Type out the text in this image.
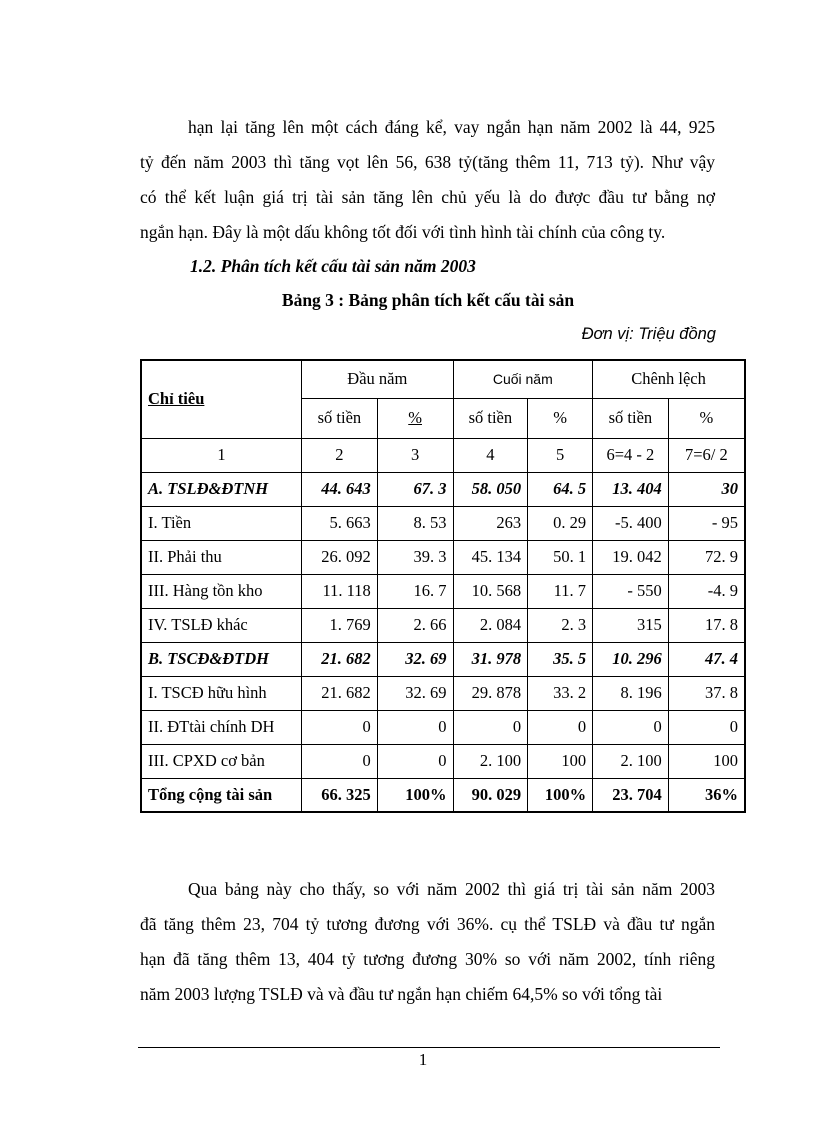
hạn lại tăng lên một cách đáng kể, vay ngắn hạn năm 2002 là 44, 925
tỷ đến năm 2003 thì tăng vọt lên 56, 638 tỷ(tăng thêm 11, 713 tỷ). Như vậy
có thể kết luận giá trị tài sản tăng lên chủ yếu là do được đầu tư bằng nợ
ngắn hạn. Đây là một dấu không tốt đối với tình hình tài chính của công ty.

1.2. Phân tích kết cấu tài sản năm 2003

Bảng 3 : Bảng phân tích kết cấu tài sản

Đơn vị: Triệu đồng

Chỉ tiêu	Đầu năm		Cuối năm		Chênh lệch	
	số tiền	%	số tiền	%	số tiền	%
1	2	3	4	5	6=4 - 2	7=6/ 2
A. TSLĐ&ĐTNH	44. 643	67. 3	58. 050	64. 5	13. 404	30
I. Tiền	5. 663	8. 53	263	0. 29	-5. 400	- 95
II. Phải thu	26. 092	39. 3	45. 134	50. 1	19. 042	72. 9
III. Hàng tồn kho	11. 118	16. 7	10. 568	11. 7	- 550	-4. 9
IV. TSLĐ khác	1. 769	2. 66	2. 084	2. 3	315	17. 8
B. TSCĐ&ĐTDH	21. 682	32. 69	31. 978	35. 5	10. 296	47. 4
I. TSCĐ hữu hình	21. 682	32. 69	29. 878	33. 2	8. 196	37. 8
II. ĐTtài chính DH	0	0	0	0	0	0
III. CPXD cơ bản	0	0	2. 100	100	2. 100	100
Tổng cộng tài sản	66. 325	100%	90. 029	100%	23. 704	36%
Qua bảng này cho thấy, so với năm 2002 thì giá trị tài sản năm 2003
đã tăng thêm 23, 704 tỷ tương đương với 36%. cụ thể TSLĐ và đầu tư ngắn
hạn đã tăng thêm 13, 404 tỷ tương đương 30% so với năm 2002, tính riêng
năm 2003 lượng TSLĐ và và đầu tư ngắn hạn chiếm 64,5% so với tổng tài
1
